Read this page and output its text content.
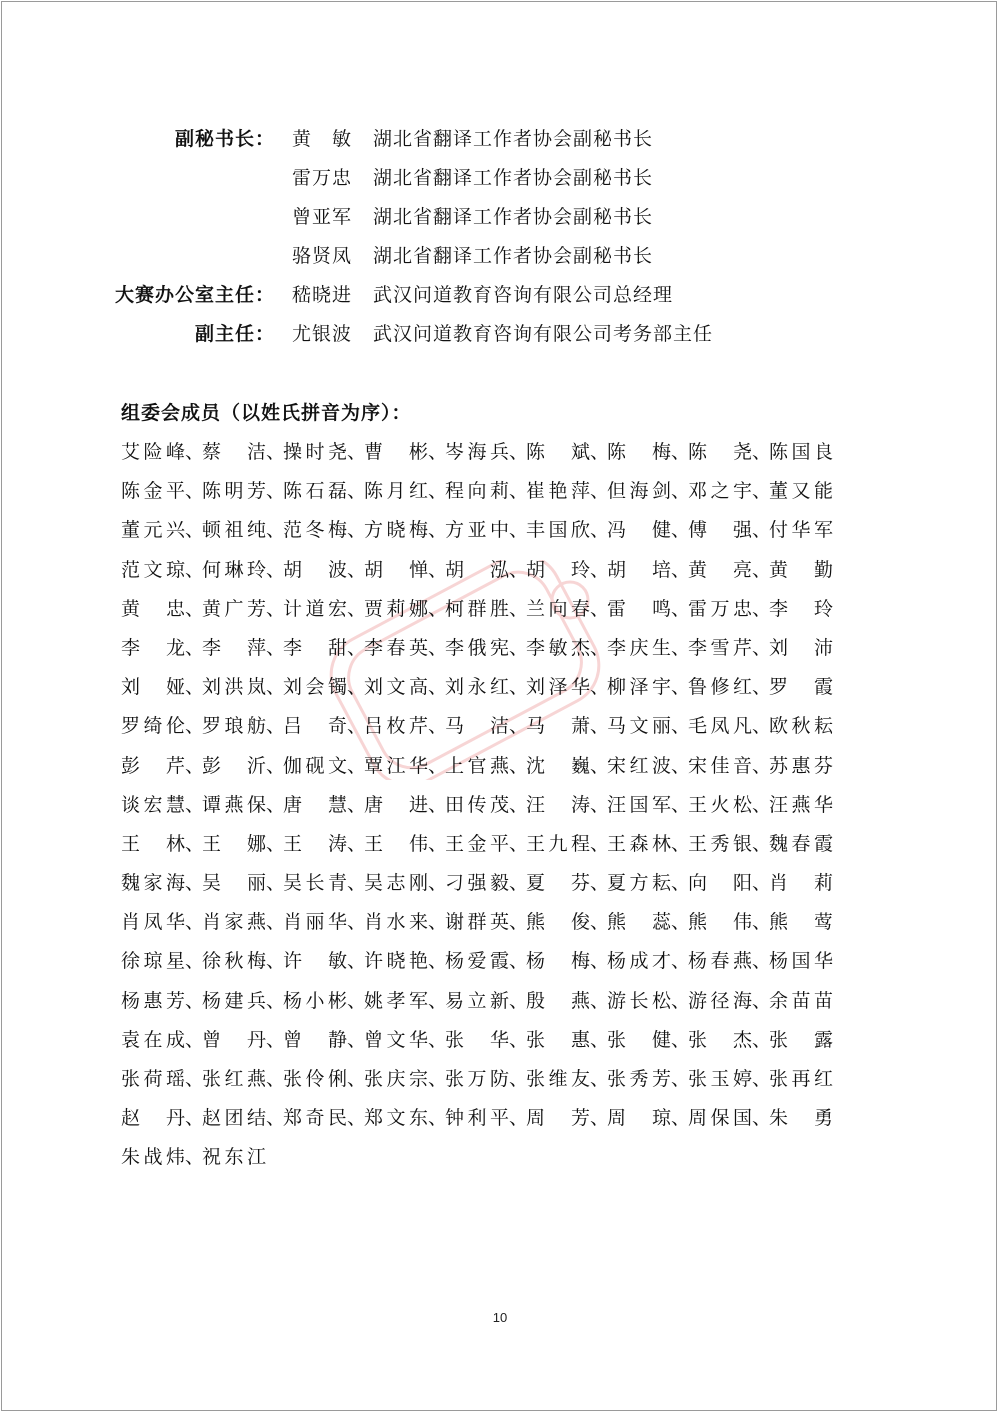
副秘书长： 黄　敏	湖北省翻译工作者协会副秘书长
雷万忠	湖北省翻译工作者协会副秘书长
曾亚军	湖北省翻译工作者协会副秘书长
骆贤凤	湖北省翻译工作者协会副秘书长
大赛办公室主任： 嵇晓进	武汉问道教育咨询有限公司总经理
副主任： 尤银波	武汉问道教育咨询有限公司考务部主任
组委会成员（以姓氏拼音为序）：
艾险峰、蔡　洁、操时尧、曹　彬、岑海兵、陈　斌、陈　梅、陈　尧、陈国良
陈金平、陈明芳、陈石磊、陈月红、程向莉、崔艳萍、但海剑、邓之宇、董又能
董元兴、顿祖纯、范冬梅、方晓梅、方亚中、丰国欣、冯　健、傅　强、付华军
范文琼、何琳玲、胡　波、胡　惮、胡　泓、胡　玲、胡　培、黄　亮、黄　勤
黄　忠、黄广芳、计道宏、贾莉娜、柯群胜、兰向春、雷　鸣、雷万忠、李　玲
李　龙、李　萍、李　甜、李春英、李俄宪、李敏杰、李庆生、李雪芹、刘　沛
刘　娅、刘洪岚、刘会镯、刘文高、刘永红、刘泽华、柳泽宇、鲁修红、罗　霞
罗绮伦、罗琅舫、吕　奇、吕枚芹、马　洁、马　萧、马文丽、毛凤凡、欧秋耘
彭　芹、彭　沂、伽砚文、覃江华、上官燕、沈　巍、宋红波、宋佳音、苏惠芬
谈宏慧、谭燕保、唐　慧、唐　进、田传茂、汪　涛、汪国军、王火松、汪燕华
王　林、王　娜、王　涛、王　伟、王金平、王九程、王森林、王秀银、魏春霞
魏家海、吴　丽、吴长青、吴志刚、刁强毅、夏　芬、夏方耘、向　阳、肖　莉
肖凤华、肖家燕、肖丽华、肖水来、谢群英、熊　俊、熊　蕊、熊　伟、熊　莺
徐琼星、徐秋梅、许　敏、许晓艳、杨爱霞、杨　梅、杨成才、杨春燕、杨国华
杨惠芳、杨建兵、杨小彬、姚孝军、易立新、殷　燕、游长松、游径海、余苗苗
袁在成、曾　丹、曾　静、曾文华、张　华、张　惠、张　健、张　杰、张　露
张荷瑶、张红燕、张伶俐、张庆宗、张万防、张维友、张秀芳、张玉婷、张再红
赵　丹、赵团结、郑奇民、郑文东、钟利平、周　芳、周　琼、周保国、朱　勇
朱战炜、祝东江
10
